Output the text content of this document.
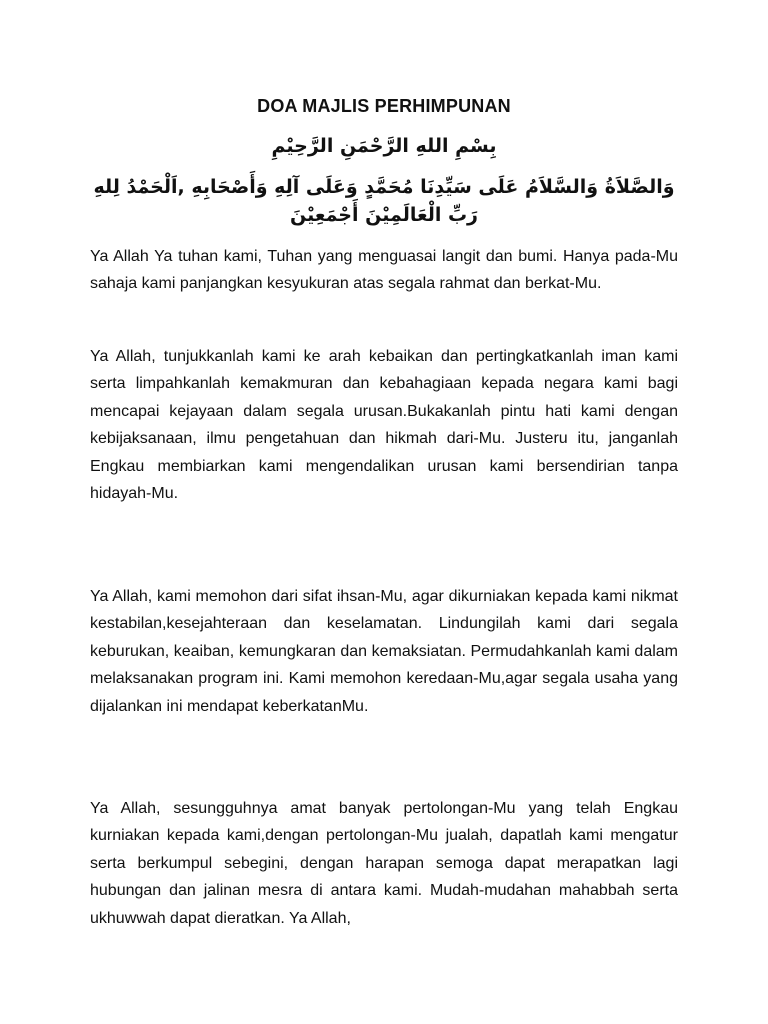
DOA MAJLIS PERHIMPUNAN
بِسْمِ اللهِ الرَّحْمَنِ الرَّحِيْمِ
وَالصَّلاَةُ وَالسَّلاَمُ عَلَى سَيِّدِنَا مُحَمَّدٍ وَعَلَى آلِهِ وَأَصْحَابِهِ ,اَلْحَمْدُ لِلهِ رَبِّ الْعَالَمِيْنَ أَجْمَعِيْنَ

Ya Allah Ya tuhan kami, Tuhan yang menguasai langit dan bumi. Hanya pada-Mu sahaja kami panjangkan kesyukuran atas segala rahmat dan berkat-Mu.

Ya Allah, tunjukkanlah kami ke arah kebaikan dan pertingkatkanlah iman kami serta limpahkanlah kemakmuran dan kebahagiaan kepada negara kami bagi mencapai kejayaan dalam segala urusan.Bukakanlah pintu hati kami dengan kebijaksanaan, ilmu pengetahuan dan hikmah dari-Mu. Justeru itu, janganlah Engkau membiarkan kami mengendalikan urusan kami bersendirian tanpa hidayah-Mu.

Ya Allah, kami memohon dari sifat ihsan-Mu, agar dikurniakan kepada kami nikmat kestabilan,kesejahteraan dan keselamatan. Lindungilah kami dari segala keburukan, keaiban, kemungkaran dan kemaksiatan. Permudahkanlah kami dalam melaksanakan program ini. Kami memohon keredaan-Mu,agar segala usaha yang dijalankan ini mendapat keberkatanMu.

Ya Allah, sesungguhnya amat banyak pertolongan-Mu yang telah Engkau kurniakan kepada kami,dengan pertolongan-Mu jualah, dapatlah kami mengatur serta berkumpul sebegini, dengan harapan semoga dapat merapatkan lagi hubungan dan jalinan mesra di antara kami. Mudah-mudahan mahabbah serta ukhuwwah dapat dieratkan. Ya Allah,
